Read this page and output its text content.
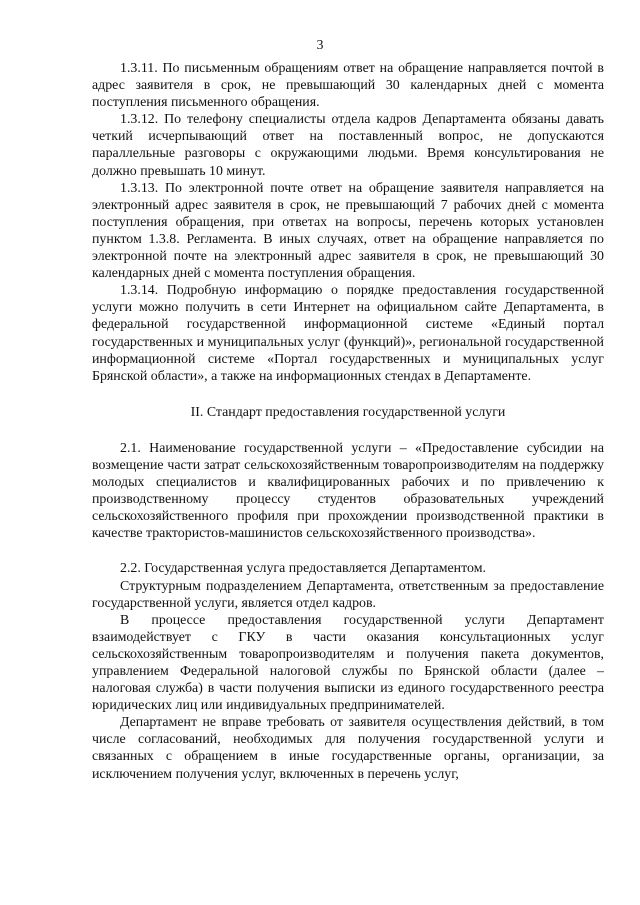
3

1.3.11. По письменным обращениям ответ на обращение направляется почтой в адрес заявителя в срок, не превышающий 30 календарных дней с момента поступления письменного обращения.

1.3.12. По телефону специалисты отдела кадров Департамента обязаны давать четкий исчерпывающий ответ на поставленный вопрос, не допускаются параллельные разговоры с окружающими людьми. Время консультирования не должно превышать 10 минут.

1.3.13. По электронной почте ответ на обращение заявителя направляется на электронный адрес заявителя в срок, не превышающий 7 рабочих дней с момента поступления обращения, при ответах на вопросы, перечень которых установлен пунктом 1.3.8. Регламента. В иных случаях, ответ на обращение направляется по электронной почте на электронный адрес заявителя в срок, не превышающий 30 календарных дней с момента поступления обращения.

1.3.14. Подробную информацию о порядке предоставления государственной услуги можно получить в сети Интернет на официальном сайте Департамента, в федеральной государственной информационной системе «Единый портал государственных и муниципальных услуг (функций)», региональной государственной информационной системе «Портал государственных и муниципальных услуг Брянской области», а также на информационных стендах в Департаменте.

II. Стандарт предоставления государственной услуги

2.1. Наименование государственной услуги – «Предоставление субсидии на возмещение части затрат сельскохозяйственным товаропроизводителям на поддержку молодых специалистов и квалифицированных рабочих и по привлечению к производственному процессу студентов образовательных учреждений сельскохозяйственного профиля при прохождении производственной практики в качестве трактористов-машинистов сельскохозяйственного производства».

2.2. Государственная услуга предоставляется Департаментом.

Структурным подразделением Департамента, ответственным за предоставление государственной услуги, является отдел кадров.

В процессе предоставления государственной услуги Департамент взаимодействует с ГКУ в части оказания консультационных услуг сельскохозяйственным товаропроизводителям и получения пакета документов, управлением Федеральной налоговой службы по Брянской области (далее – налоговая служба) в части получения выписки из единого государственного реестра юридических лиц или индивидуальных предпринимателей.

Департамент не вправе требовать от заявителя осуществления действий, в том числе согласований, необходимых для получения государственной услуги и связанных с обращением в иные государственные органы, организации, за исключением получения услуг, включенных в перечень услуг,
